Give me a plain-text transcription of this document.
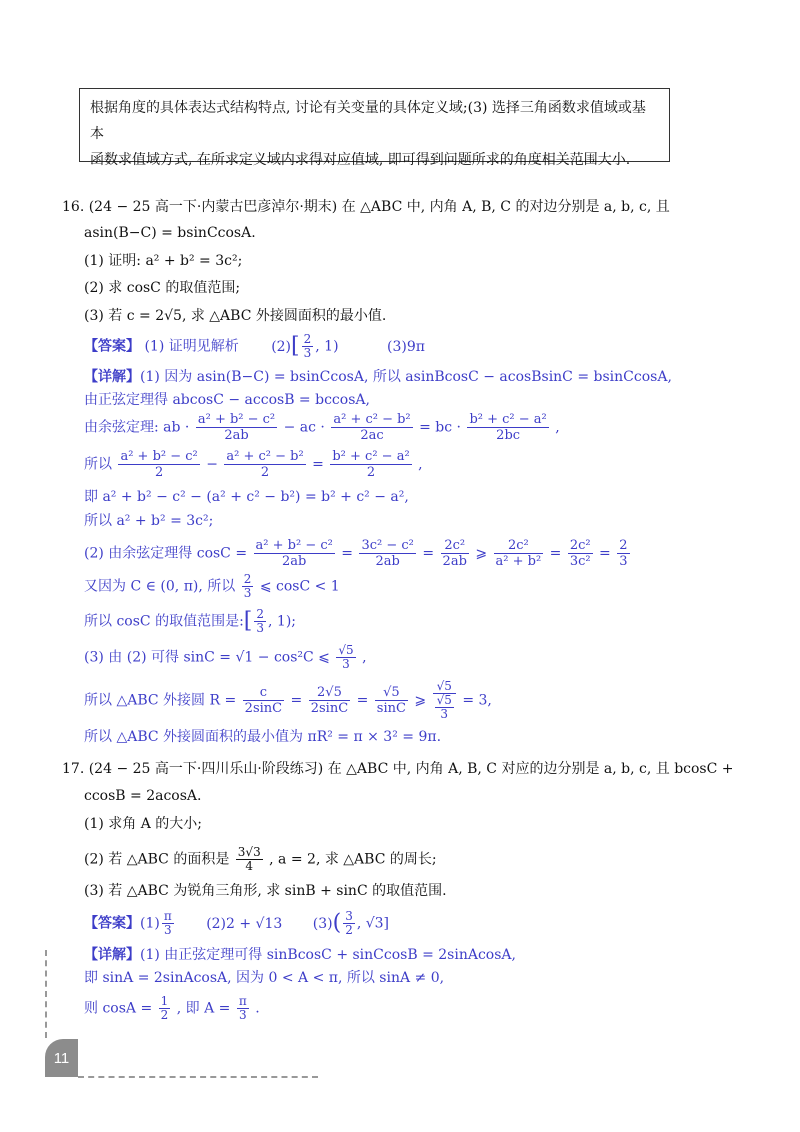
根据角度的具体表达式结构特点, 讨论有关变量的具体定义域;(3) 选择三角函数求值域或基本
函数求值域方式, 在所求定义域内求得对应值域, 即可得到问题所求的角度相关范围大小.
16. (24 − 25 高一下·内蒙古巴彦淖尔·期末) 在 △ABC 中, 内角 A, B, C 的对边分别是 a, b, c, 且
asin(B−C) = bsinCcosA.
(1) 证明: a² + b² = 3c²;
(2) 求 cosC 的取值范围;
(3) 若 c = 2√5, 求 △ABC 外接圆面积的最小值.
【答案】 (1) 证明见解析 $(2)[ \frac{2}{3}$ , 1)	(3)9π
【详解】(1) 因为 asin(B−C) = bsinCcosA, 所以 asinBcosC − acosBsinC = bsinCcosA,
由正弦定理得 abcosC − accosB = bccosA,
由余弦定理: ab · $\frac{\text{a² + b² − c²}}{2ab}$ − ac · $\frac{\text{a² + c² − b²}}{2ac}$ = bc · $\frac{\text{b² + c² − a²}}{2bc}$ ,
所以 $\frac{\text{a² + b² − c²}}{2} - \frac{\text{a² + c² − b²}}{2} = \frac{\text{b² + c² − a²}}{2}$ ,
即 a² + b² − c² − (a² + c² − b²) = b² + c² − a²,
所以 a² + b² = 3c²;
(2) 由余弦定理得 $\cos C = \frac{\text{a² + b² − c²}}{2ab} = \frac{\text{3c² − c²}}{2ab} = \frac{\text{2c²}}{2ab}$ ⩾ $\frac{\text{2c²}}{\text{a² + b²}} = \frac{\text{2c²}}{\text{3c²}} = \frac{2}{3}$
又因为 C ∈ (0, π), 所以 $\frac{2}{3}$ ⩽ cosC < 1
所以 cosC 的取值范围是:[ $\frac{2}{3}$ , 1);
(3) 由 (2) 可得 sinC = √1 − cos²C ⩽ $\frac{√5}{3}$ ,
所以 △ABC 外接圆 $R = \frac{c}{2\sin C} = \frac{2√5}{2\sin C} = \frac{√5}{\sin C}$ ⩾ $\frac{√5}{\frac{√5}{3}} = 3$,
所以 △ABC 外接圆面积的最小值为 πR² = π × 3² = 9π.
17. (24 − 25 高一下·四川乐山·阶段练习) 在 △ABC 中, 内角 A, B, C 对应的边分别是 a, b, c, 且 bcosC +
ccosB = 2acosA.
(1) 求角 A 的大小;
(2) 若 △ABC 的面积是 $\frac{3√3}{4}$ , a = 2, 求 △ABC 的周长;
(3) 若 △ABC 为锐角三角形, 求 sinB + sinC 的取值范围.
【答案】$(1) \frac{\pi}{3} (2)2 + √13$ $(3)( \frac{3}{2}$ , √3]
【详解】(1) 由正弦定理可得 sinBcosC + sinCcosB = 2sinAcosA,
即 sinA = 2sinAcosA, 因为 0 < A < π, 所以 sinA ≠ 0,
则 $\cos A = \frac{1}{2}$ , 即 $A = \frac{\pi}{3}$ .
11
